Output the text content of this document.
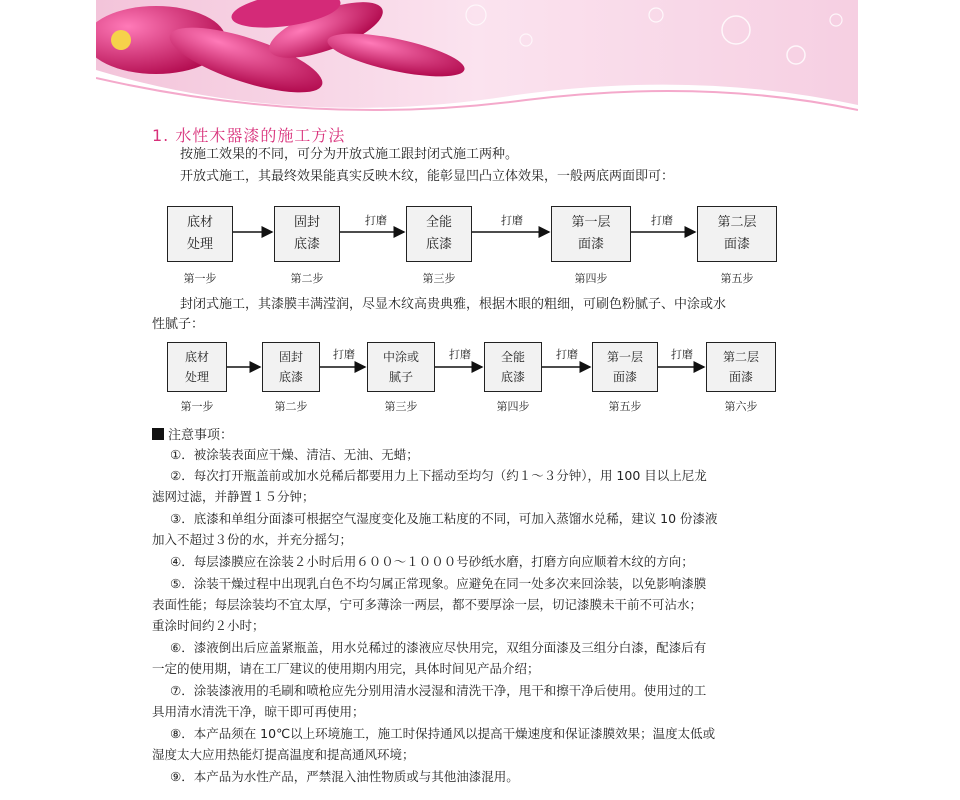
1. 水性木器漆的施工方法
按施工效果的不同，可分为开放式施工跟封闭式施工两种。
开放式施工，其最终效果能真实反映木纹，能彰显凹凸立体效果，一般两底两面即可：
底材
处理
固封
底漆
全能
底漆
第一层
面漆
第二层
面漆
第一步	第二步	第三步	第四步	第五步
打磨	打磨	打磨
封闭式施工，其漆膜丰满滢润，尽显木纹高贵典雅，根据木眼的粗细，可刷色粉腻子、中涂或水
性腻子：
底材
处理
固封
底漆
中涂或
腻子
全能
底漆
第一层
面漆
第二层
面漆
第一步	第二步	第三步	第四步	第五步	第六步
打磨	打磨	打磨	打磨
注意事项：
①．被涂装表面应干燥、清洁、无油、无蜡；
②．每次打开瓶盖前或加水兑稀后都要用力上下摇动至均匀（约１～３分钟），用 100 目以上尼龙
滤网过滤，并静置１５分钟；
③．底漆和单组分面漆可根据空气湿度变化及施工粘度的不同，可加入蒸馏水兑稀，建议 10 份漆液
加入不超过３份的水，并充分摇匀；
④．每层漆膜应在涂装２小时后用６００～１０００号砂纸水磨，打磨方向应顺着木纹的方向；
⑤．涂装干燥过程中出现乳白色不均匀属正常现象。应避免在同一处多次来回涂装，以免影响漆膜
表面性能；每层涂装均不宜太厚，宁可多薄涂一两层，都不要厚涂一层，切记漆膜未干前不可沾水；
重涂时间约２小时；
⑥．漆液倒出后应盖紧瓶盖，用水兑稀过的漆液应尽快用完，双组分面漆及三组分白漆，配漆后有
一定的使用期，请在工厂建议的使用期内用完，具体时间见产品介绍；
⑦．涂装漆液用的毛刷和喷枪应先分别用清水浸湿和清洗干净，甩干和擦干净后使用。使用过的工
具用清水清洗干净，晾干即可再使用；
⑧．本产品须在 10℃以上环境施工，施工时保持通风以提高干燥速度和保证漆膜效果；温度太低或
湿度太大应用热能灯提高温度和提高通风环境；
⑨．本产品为水性产品，严禁混入油性物质或与其他油漆混用。
